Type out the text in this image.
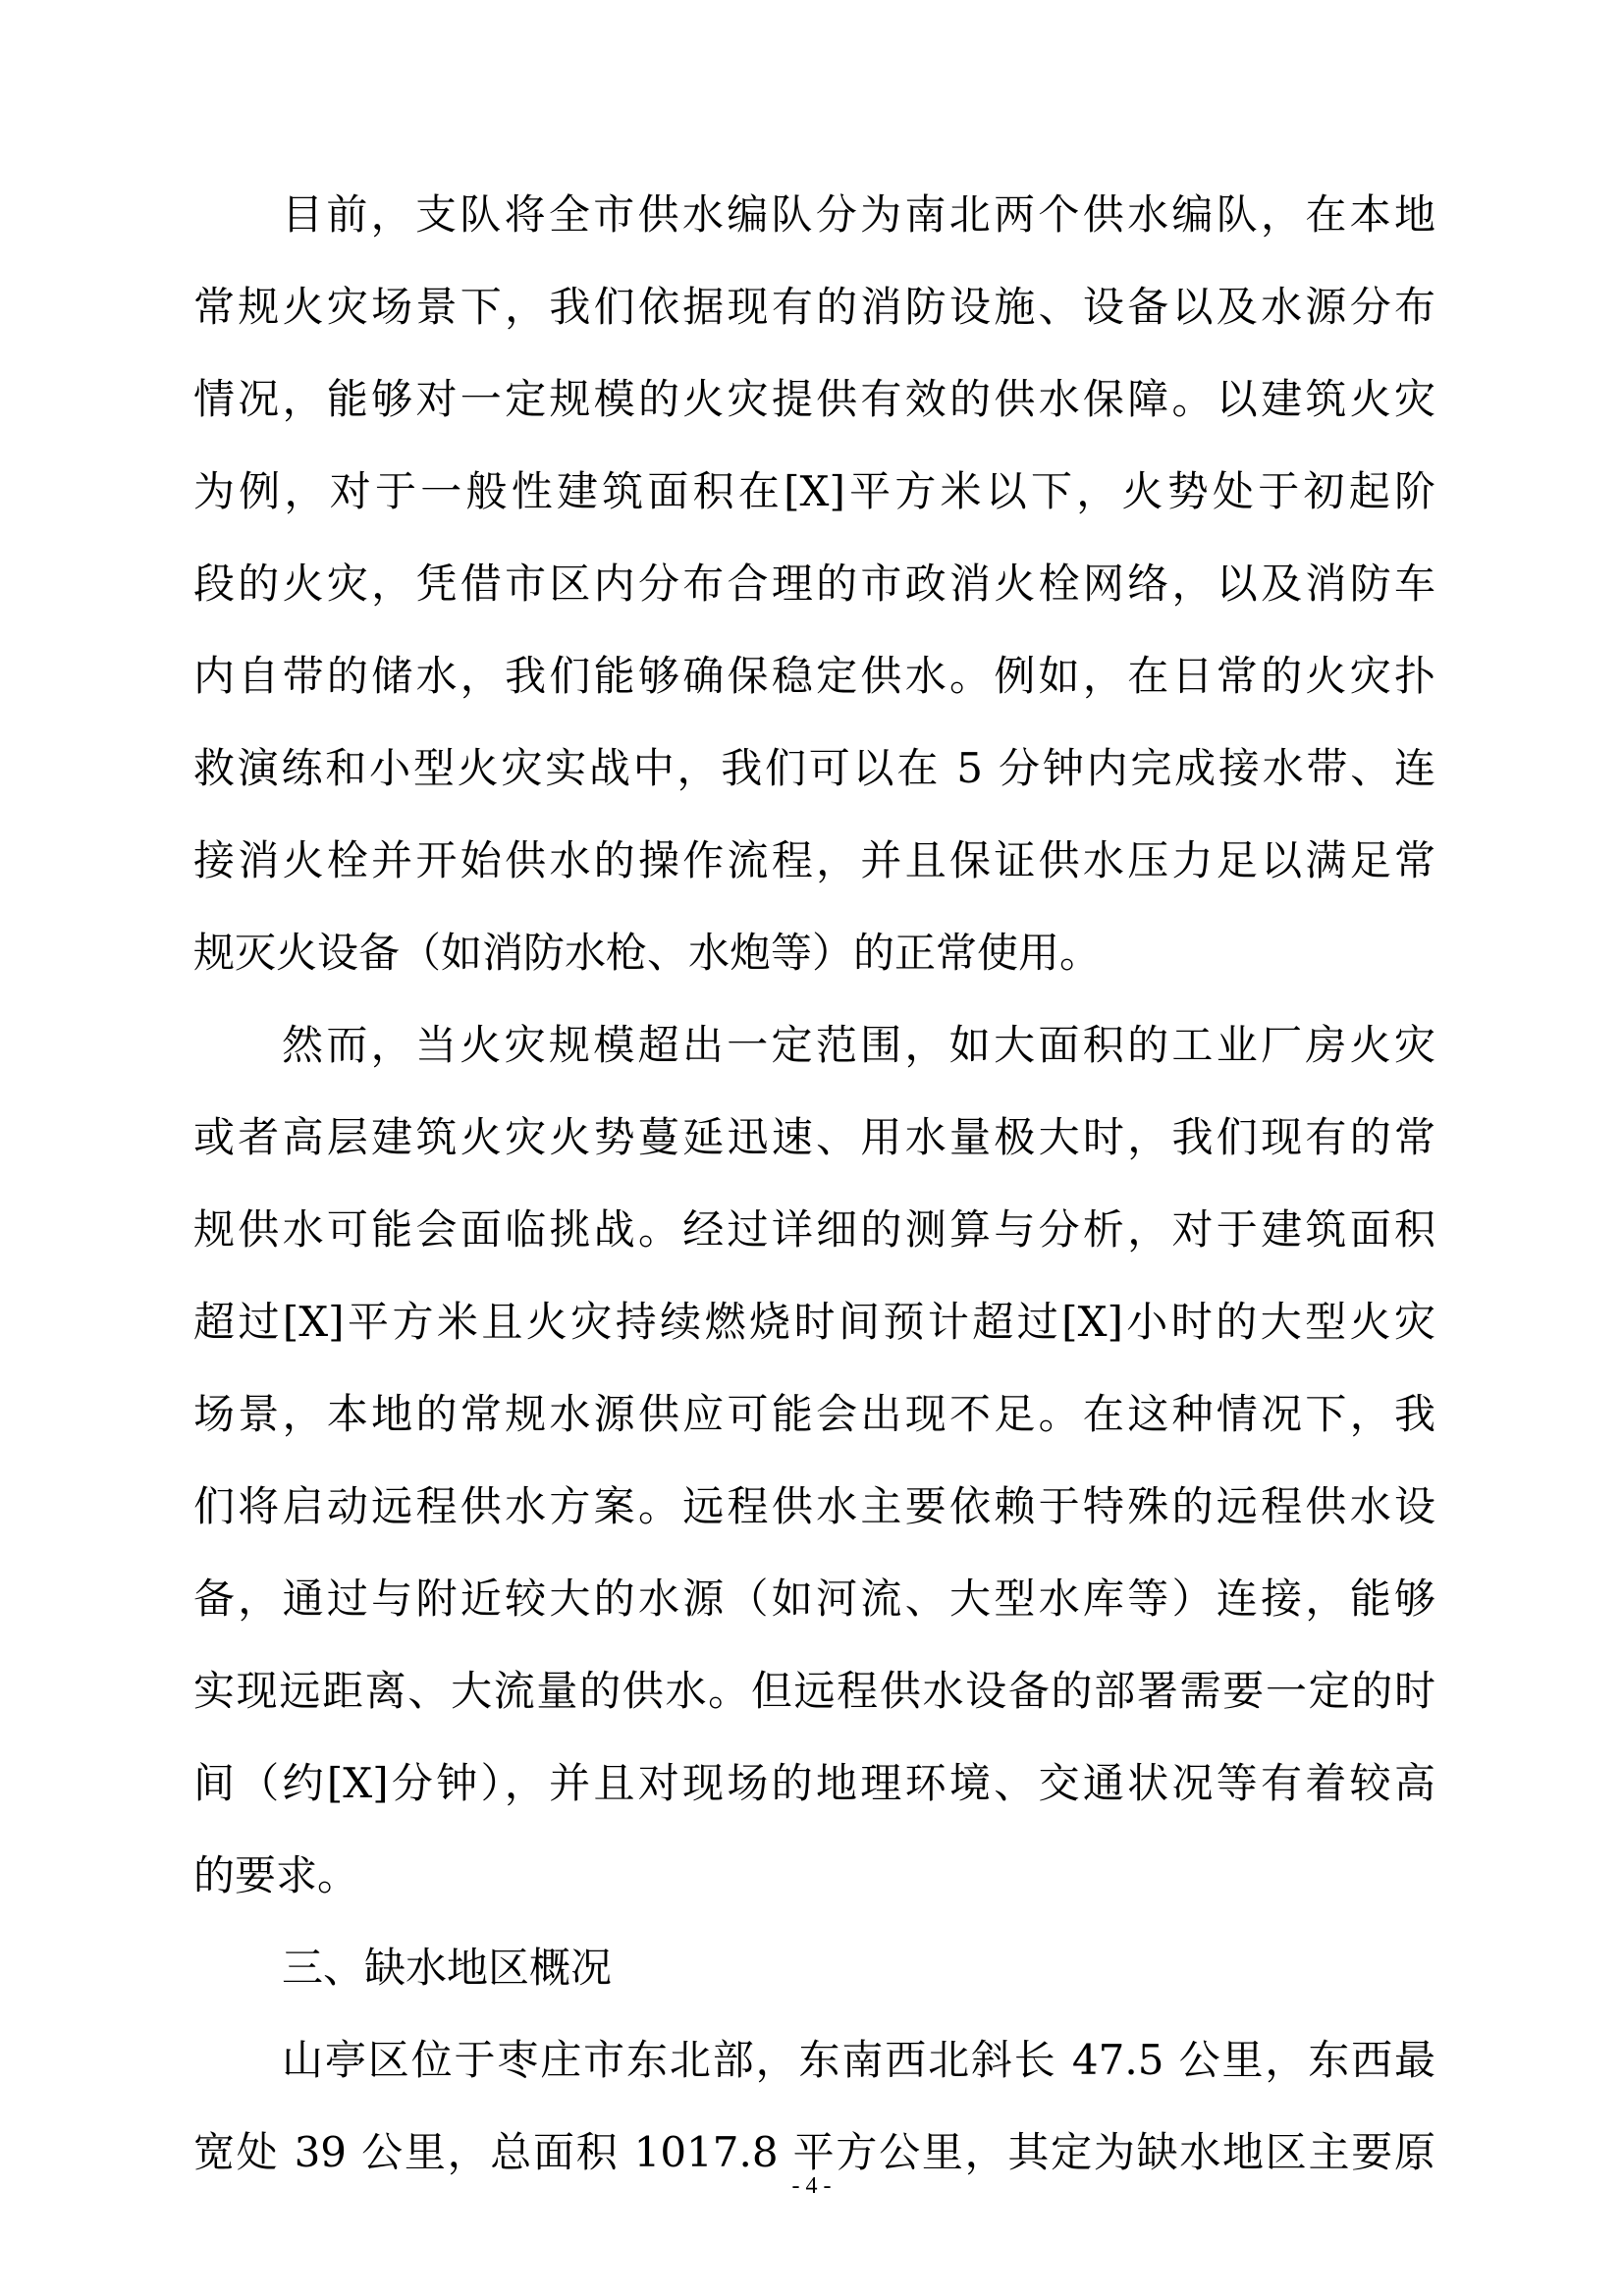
目前，支队将全市供水编队分为南北两个供水编队，在本地
常规火灾场景下，我们依据现有的消防设施、设备以及水源分布
情况，能够对一定规模的火灾提供有效的供水保障。以建筑火灾
为例，对于一般性建筑面积在[X]平方米以下，火势处于初起阶
段的火灾，凭借市区内分布合理的市政消火栓网络，以及消防车
内自带的储水，我们能够确保稳定供水。例如，在日常的火灾扑
救演练和小型火灾实战中，我们可以在 5 分钟内完成接水带、连
接消火栓并开始供水的操作流程，并且保证供水压力足以满足常
规灭火设备（如消防水枪、水炮等）的正常使用。
然而，当火灾规模超出一定范围，如大面积的工业厂房火灾
或者高层建筑火灾火势蔓延迅速、用水量极大时，我们现有的常
规供水可能会面临挑战。经过详细的测算与分析，对于建筑面积
超过[X]平方米且火灾持续燃烧时间预计超过[X]小时的大型火灾
场景，本地的常规水源供应可能会出现不足。在这种情况下，我
们将启动远程供水方案。远程供水主要依赖于特殊的远程供水设
备，通过与附近较大的水源（如河流、大型水库等）连接，能够
实现远距离、大流量的供水。但远程供水设备的部署需要一定的时
间（约[X]分钟），并且对现场的地理环境、交通状况等有着较高
的要求。
三、缺水地区概况
山亭区位于枣庄市东北部，东南西北斜长 47.5 公里，东西最
宽处 39 公里，总面积 1017.8 平方公里，其定为缺水地区主要原
- 4 -
